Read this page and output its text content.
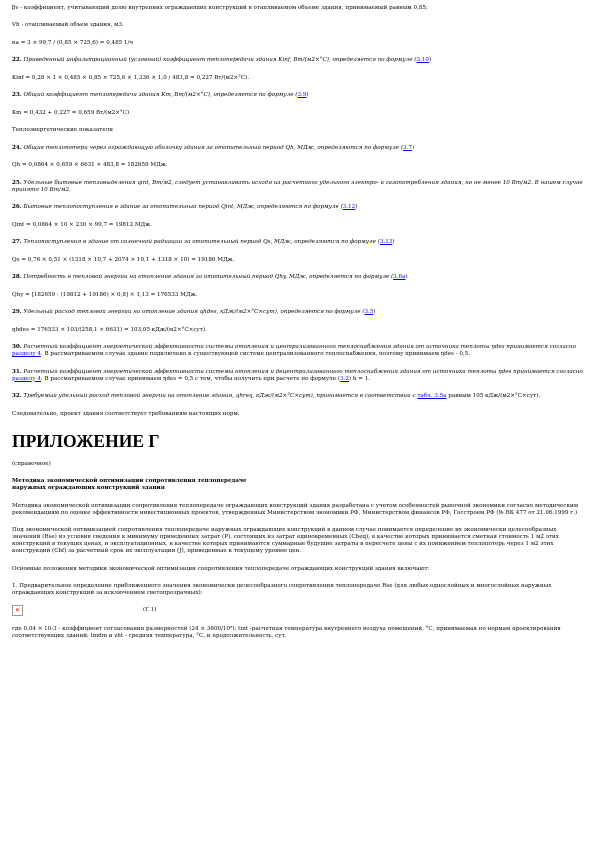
βv - коэффициент, учитывающий долю внутренних ограждающих конструкций в отапливаемом объеме здания, принимаемый равным 0,85;

Vh - отапливаемый объем здания, м3.

na = 3 × 99,7 / (0,85 × 725,6) = 0,485 1/ч

22. Приведенный инфильтрационный (условный) коэффициент теплопередачи здания Kinf, Вт/(м2×°С), определяется по формуле (3.10)

Kinf = 0,28 × 1 × 0,485 × 0,85 × 725,6 × 1,336 × 1,0 / 483,8 = 0,227 Вт/(м2×°С).

23. Общий коэффициент теплопередачи здания Km, Вт/(м2×°С), определяется по формуле (3.9)

Km = 0,432 + 0,227 = 0,659 Вт/(м2×°С)

Теплоэнергетические показатели

24. Общие теплопотери через ограждающую оболочку здания за отопительный период Qh, МДж, определяются по формуле (3.7)

Qh = 0,0864 × 0,659 × 6631 × 483,8 = 182659 МДж.

25. Удельные бытовые тепловыделения qint, Вт/м2, следует устанавливать исходя из расчетного удельного электро- и газопотребления здания, но не менее 10 Вт/м2. В нашем случае принято 10 Вт/м2.

26. Бытовые теплопоступления в здание за отопительный период Qint, МДж, определяются по формуле (3.12)

Qint = 0,0864 × 10 × 230 × 99,7 = 19812 МДж.

27. Теплопоступления в здание от солнечной радиации за отопительный период Qs, МДж, определяются по формуле (3.13)

Qs = 0,76 × 0,51 × (1318 × 10,7 + 2074 × 10,1 + 1318 × 10) = 19186 МДж.

28. Потребность в тепловой энергии на отопление здания за отопительный период Qhy, МДж, определяется по формуле (3.6а)

Qhy = [182659 - (19812 + 19186) × 0,8] × 1,13 = 176533 МДж.

29. Удельный расход тепловой энергии на отопление здания qhdes, кДж/(м2×°С×сут), определяется по формуле (3.5)

qhdes = 176533 × 103/(258,1 × 6631) = 103,05 кДж/(м2×°С×сут).

30. Расчетный коэффициент энергетической эффективности системы отопления и централизованного теплоснабжения здания от источника теплоты ηdes принимается согласно разделу 4. В рассматриваемом случае здание подключено к существующей системе централизованного теплоснабжения, поэтому принимаем ηdes - 0,5.

31. Расчетный коэффициент энергетической эффективности системы отопления и децентрализованного теплоснабжения здания от источника теплоты ηdes принимается согласно разделу 4. В рассматриваемом случае принимаем ηdes = 0,5 с тем, чтобы получить при расчете по формуле (3.2) h = 1.

32. Требуемый удельный расход тепловой энергии на отопление здания, qhreq, кДж/(м2×°С×сут), принимается в соответствии с табл. 3.5а равным 105 кДж/(м2×°С×сут).

Следовательно, проект здания соответствует требованиям настоящих норм.

ПРИЛОЖЕНИЕ Г

(справочное)

Методика экономической оптимизации сопротивления теплопередаче
наружных ограждающих конструкций здания

Методика экономической оптимизации сопротивления теплопередаче ограждающих конструкций здания разработана с учетом особенностей рыночной экономики согласно методическим рекомендациям по оценке эффективности инвестиционных проектов, утвержденных Министерством экономики РФ, Министерством финансов РФ, Госстроем РФ (№ ВК 477 от 21.06.1999 г.)

Под экономической оптимизацией сопротивления теплопередаче наружных ограждающих конструкций в данном случае понимается определение их экономически целесообразных значений (Rse) из условия сведения к минимуму приведенных затрат (Р), состоящих из затрат единовременных (Сbeq), в качестве которых принимается сметная стоимость 1 м2 этих конструкций в текущих ценах, и эксплуатационных, в качестве которых принимаются суммарные будущие затраты в пересчете цены с их понижением теплопотерь через 1 м2 этих конструкций (Cbf) за расчетный срок их эксплуатации (J), приведенные к текущему уровню цен.

Основные положения методики экономической оптимизации сопротивления теплопередаче ограждающих конструкций здания включают:

1. Предварительное определение приближенного значения экономически целесообразного сопротивления теплопередаче Rse (для любых однослойных и многослойных наружных ограждающих конструкций за исключением светопрозрачных):

✕	(Г.1)

где 0,04 × 10-3 - коэффициент согласования размерностей (24 × 3600/10⁶); tint -расчетная температура внутреннего воздуха помещений, °С, принимаемая по нормам проектирования соответствующих зданий; tmdm и zht - средняя температура, °С, и продолжительность, сут.
